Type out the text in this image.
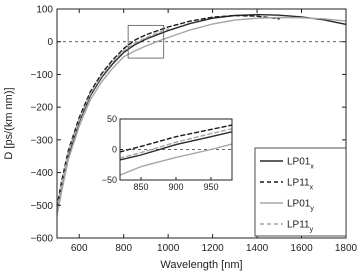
600	800 1000 1200 1400 1600 1800
−600
−500
−400
−300
−200
−100
0
100
Wavelength [nm]
D [ps/(km nm)]
850 900 950
−50
0
50
$LP01_x$
$LP11_x$
$LP01_y$
$LP11_y$
